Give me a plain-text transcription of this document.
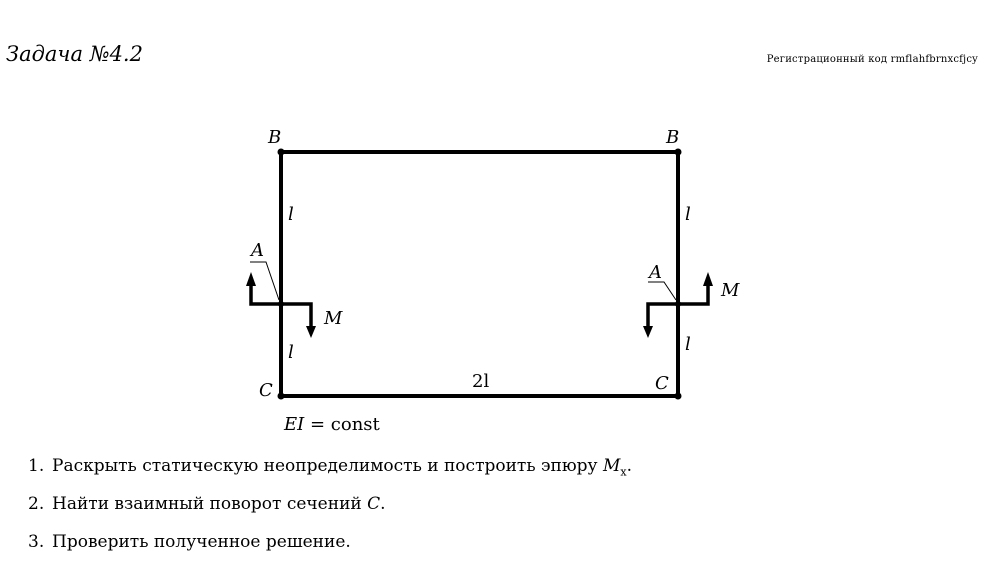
Задача №4.2	Регистрационный код rmflahfbrnxcfjcy
B	B
A
A
C	C
l
l
l
l
2l
M
M
EI = const
1. Раскрыть статическую неопределимость и построить эпюру $M_x$.
2. Найти взаимный поворот сечений C.
3. Проверить полученное решение.
